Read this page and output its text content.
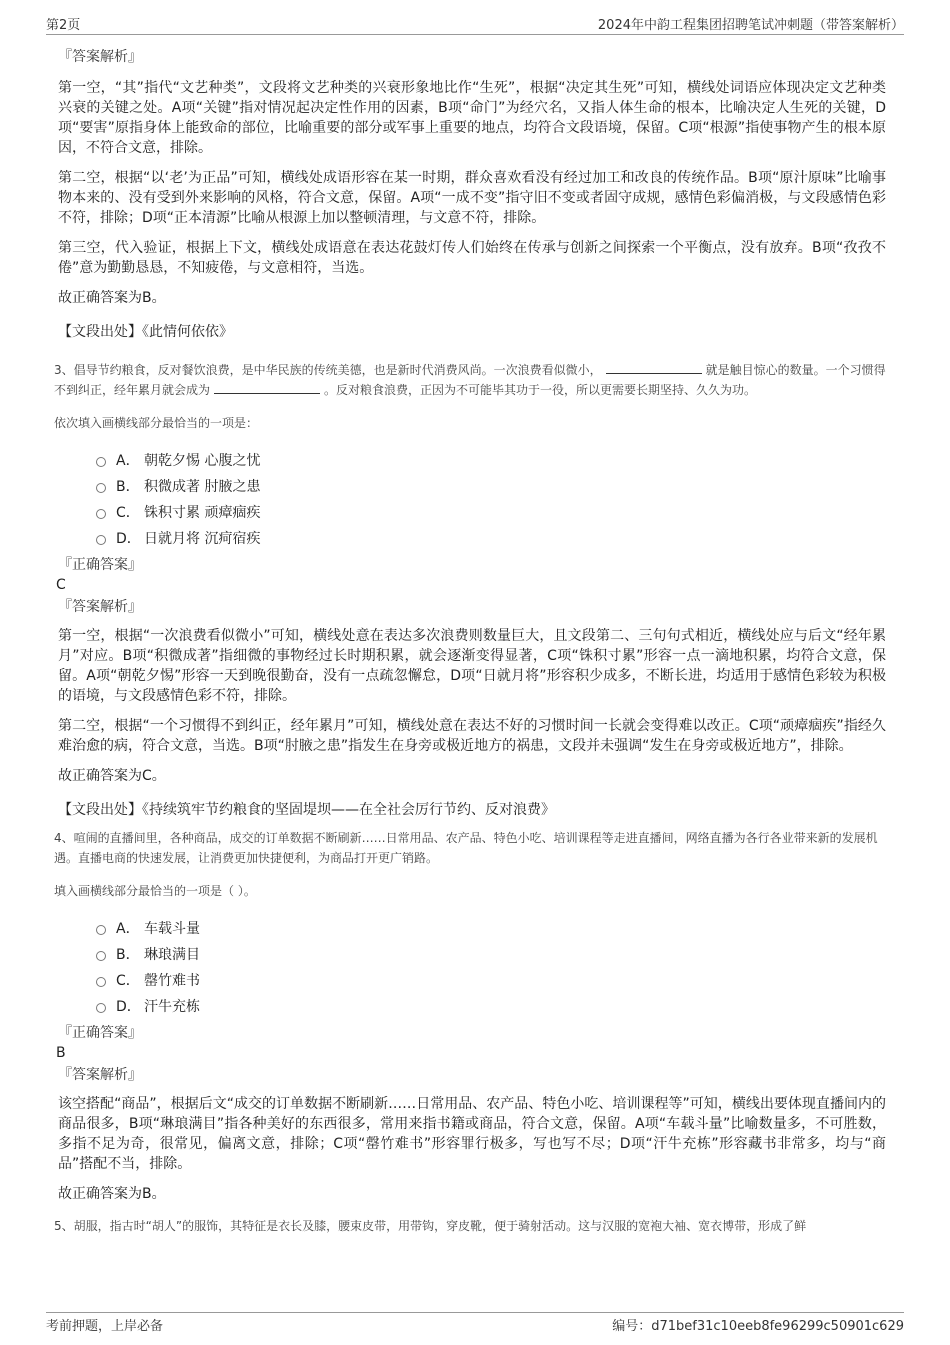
第2页	2024年中韵工程集团招聘笔试冲刺题（带答案解析）
『答案解析』

第一空，“其”指代“文艺种类”，文段将文艺种类的兴衰形象地比作“生死”，根据“决定其生死”可知，横线处词语应体现决定文艺种类兴衰的关键之处。A项“关键”指对情况起决定性作用的因素，B项“命门”为经穴名，又指人体生命的根本，比喻决定人生死的关键，D项“要害”原指身体上能致命的部位，比喻重要的部分或军事上重要的地点，均符合文段语境，保留。C项“根源”指使事物产生的根本原因，不符合文意，排除。

第二空，根据“以‘老’为正品”可知，横线处成语形容在某一时期，群众喜欢看没有经过加工和改良的传统作品。B项“原汁原味”比喻事物本来的、没有受到外来影响的风格，符合文意，保留。A项“一成不变”指守旧不变或者固守成规，感情色彩偏消极，与文段感情色彩不符，排除；D项“正本清源”比喻从根源上加以整顿清理，与文意不符，排除。

第三空，代入验证，根据上下文，横线处成语意在表达花鼓灯传人们始终在传承与创新之间探索一个平衡点，没有放弃。B项“孜孜不倦”意为勤勤恳恳，不知疲倦，与文意相符，当选。

故正确答案为B。

【文段出处】《此情何依依》

3、倡导节约粮食，反对餐饮浪费，是中华民族的传统美德，也是新时代消费风尚。一次浪费看似微小，	就是触目惊心的数量。一个习惯得不到纠正，经年累月就会成为	。反对粮食浪费，正因为不可能毕其功于一役，所以更需要长期坚持、久久为功。

依次填入画横线部分最恰当的一项是：

A． 朝乾夕惕 心腹之忧
B． 积微成著 肘腋之患
C． 铢积寸累 顽瘴痼疾
D． 日就月将 沉疴宿疾
『正确答案』
C
『答案解析』

第一空，根据“一次浪费看似微小”可知，横线处意在表达多次浪费则数量巨大，且文段第二、三句句式相近，横线处应与后文“经年累月”对应。B项“积微成著”指细微的事物经过长时期积累，就会逐渐变得显著，C项“铢积寸累”形容一点一滴地积累，均符合文意，保留。A项“朝乾夕惕”形容一天到晚很勤奋，没有一点疏忽懈怠，D项“日就月将”形容积少成多，不断长进，均适用于感情色彩较为积极的语境，与文段感情色彩不符，排除。

第二空，根据“一个习惯得不到纠正，经年累月”可知，横线处意在表达不好的习惯时间一长就会变得难以改正。C项“顽瘴痼疾”指经久难治愈的病，符合文意，当选。B项“肘腋之患”指发生在身旁或极近地方的祸患，文段并未强调“发生在身旁或极近地方”，排除。

故正确答案为C。

【文段出处】《持续筑牢节约粮食的坚固堤坝——在全社会厉行节约、反对浪费》

4、喧闹的直播间里，各种商品，成交的订单数据不断刷新……日常用品、农产品、特色小吃、培训课程等走进直播间，网络直播为各行各业带来新的发展机遇。直播电商的快速发展，让消费更加快捷便利，为商品打开更广销路。

填入画横线部分最恰当的一项是（ ）。

A． 车载斗量
B． 琳琅满目
C． 罄竹难书
D． 汗牛充栋
『正确答案』
B
『答案解析』

该空搭配“商品”，根据后文“成交的订单数据不断刷新……日常用品、农产品、特色小吃、培训课程等”可知，横线出要体现直播间内的商品很多，B项“琳琅满目”指各种美好的东西很多，常用来指书籍或商品，符合文意，保留。A项“车载斗量”比喻数量多，不可胜数，多指不足为奇，很常见，偏离文意，排除；C项“罄竹难书”形容罪行极多，写也写不尽；D项“汗牛充栋”形容藏书非常多，均与“商品”搭配不当，排除。

故正确答案为B。

5、胡服，指古时“胡人”的服饰，其特征是衣长及膝，腰束皮带，用带钩，穿皮靴，便于骑射活动。这与汉服的宽袍大袖、宽衣博带，形成了鲜

考前押题，上岸必备	编号：d71bef31c10eeb8fe96299c50901c629
